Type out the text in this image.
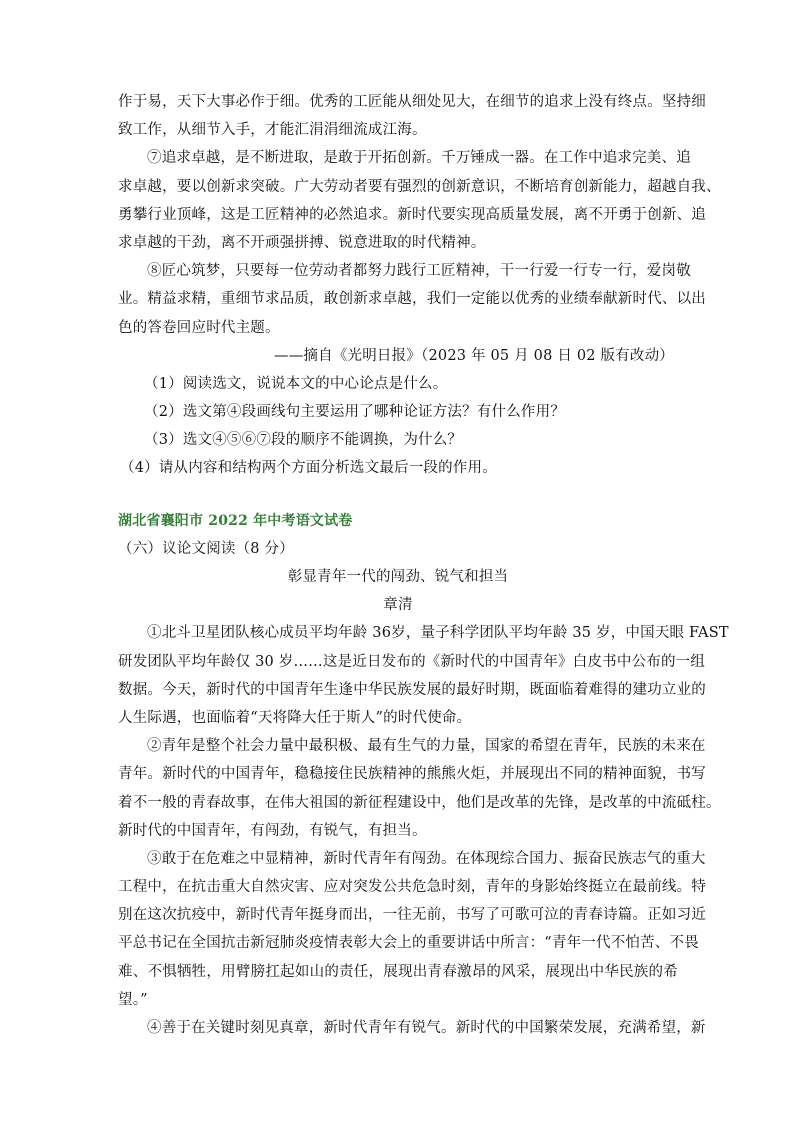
作于易，天下大事必作于细。优秀的工匠能从细处见大，在细节的追求上没有终点。坚持细
致工作，从细节入手，才能汇涓涓细流成江海。
⑦追求卓越，是不断进取，是敢于开拓创新。千万锤成一器。在工作中追求完美、追
求卓越，要以创新求突破。广大劳动者要有强烈的创新意识，不断培育创新能力，超越自我、
勇攀行业顶峰，这是工匠精神的必然追求。新时代要实现高质量发展，离不开勇于创新、追
求卓越的干劲，离不开顽强拼搏、锐意进取的时代精神。
⑧匠心筑梦，只要每一位劳动者都努力践行工匠精神，干一行爱一行专一行，爱岗敬
业。精益求精，重细节求品质，敢创新求卓越，我们一定能以优秀的业绩奉献新时代、以出
色的答卷回应时代主题。
——摘自《光明日报》（2023 年 05 月 08 日 02 版有改动）
（1）阅读选文，说说本文的中心论点是什么。
（2）选文第④段画线句主要运用了哪种论证方法？有什么作用？
（3）选文④⑤⑥⑦段的顺序不能调换，为什么？
（4）请从内容和结构两个方面分析选文最后一段的作用。
湖北省襄阳市 2022 年中考语文试卷
（六）议论文阅读（8 分）
彰显青年一代的闯劲、锐气和担当
章清
①北斗卫星团队核心成员平均年龄 36岁，量子科学团队平均年龄 35 岁，中国天眼 FAST
研发团队平均年龄仅 30 岁……这是近日发布的《新时代的中国青年》白皮书中公布的一组
数据。今天，新时代的中国青年生逢中华民族发展的最好时期，既面临着难得的建功立业的
人生际遇，也面临着“天将降大任于斯人”的时代使命。
②青年是整个社会力量中最积极、最有生气的力量，国家的希望在青年，民族的未来在
青年。新时代的中国青年，稳稳接住民族精神的熊熊火炬，并展现出不同的精神面貌，书写
着不一般的青春故事，在伟大祖国的新征程建设中，他们是改革的先锋，是改革的中流砥柱。
新时代的中国青年，有闯劲，有锐气，有担当。
③敢于在危难之中显精神，新时代青年有闯劲。在体现综合国力、振奋民族志气的重大
工程中，在抗击重大自然灾害、应对突发公共危急时刻，青年的身影始终挺立在最前线。特
别在这次抗疫中，新时代青年挺身而出，一往无前，书写了可歌可泣的青春诗篇。正如习近
平总书记在全国抗击新冠肺炎疫情表彰大会上的重要讲话中所言：“青年一代不怕苦、不畏
难、不惧牺牲，用臂膀扛起如山的责任，展现出青春激昂的风采，展现出中华民族的希
望。”
④善于在关键时刻见真章，新时代青年有锐气。新时代的中国繁荣发展，充满希望，新
